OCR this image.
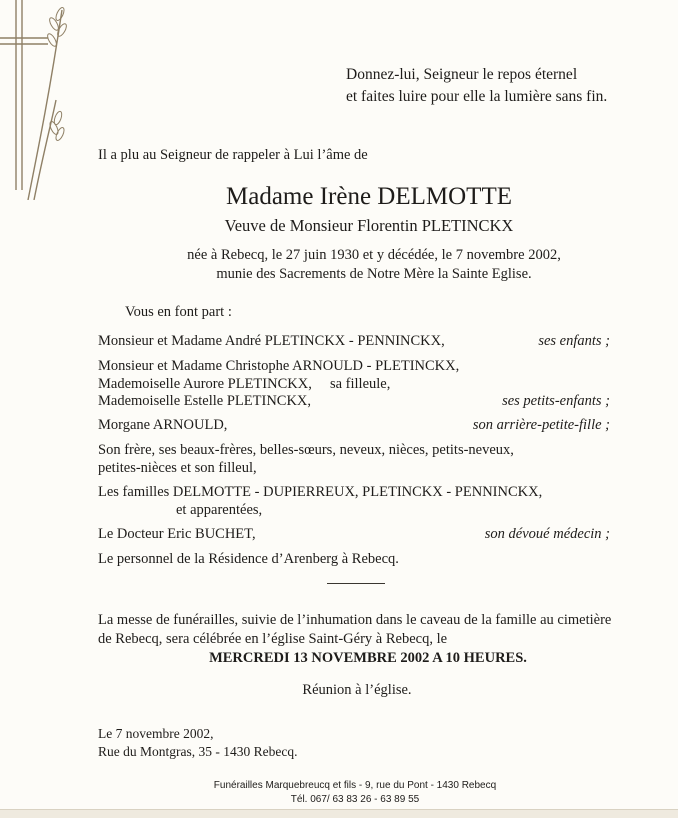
Donnez-lui, Seigneur le repos éternel
et faites luire pour elle la lumière sans fin.
Il a plu au Seigneur de rappeler à Lui l’âme de
Madame Irène DELMOTTE
Veuve de Monsieur Florentin PLETINCKX
née à Rebecq, le 27 juin 1930 et y décédée, le 7 novembre 2002,
munie des Sacrements de Notre Mère la Sainte Eglise.
Vous en font part :
Monsieur et Madame André PLETINCKX - PENNINCKX,	ses enfants ;
Monsieur et Madame Christophe ARNOULD - PLETINCKX,
Mademoiselle Aurore PLETINCKX,     sa filleule,
Mademoiselle Estelle PLETINCKX,	ses petits-enfants ;
Morgane ARNOULD,	son arrière-petite-fille ;
Son frère, ses beaux-frères, belles-sœurs, neveux, nièces, petits-neveux,
petites-nièces et son filleul,
Les familles DELMOTTE - DUPIERREUX, PLETINCKX - PENNINCKX,
et apparentées,
Le Docteur Eric BUCHET,	son dévoué médecin ;
Le personnel de la Résidence d’Arenberg à Rebecq.
La messe de funérailles, suivie de l’inhumation dans le caveau de la famille au cimetière
de Rebecq, sera célébrée en l’église Saint-Géry à Rebecq, le
MERCREDI 13 NOVEMBRE 2002 A 10 HEURES.
Réunion à l’église.
Le 7 novembre 2002,
Rue du Montgras, 35 - 1430 Rebecq.
Funérailles Marquebreucq et fils - 9, rue du Pont - 1430 Rebecq
Tél. 067/ 63 83 26 - 63 89 55
